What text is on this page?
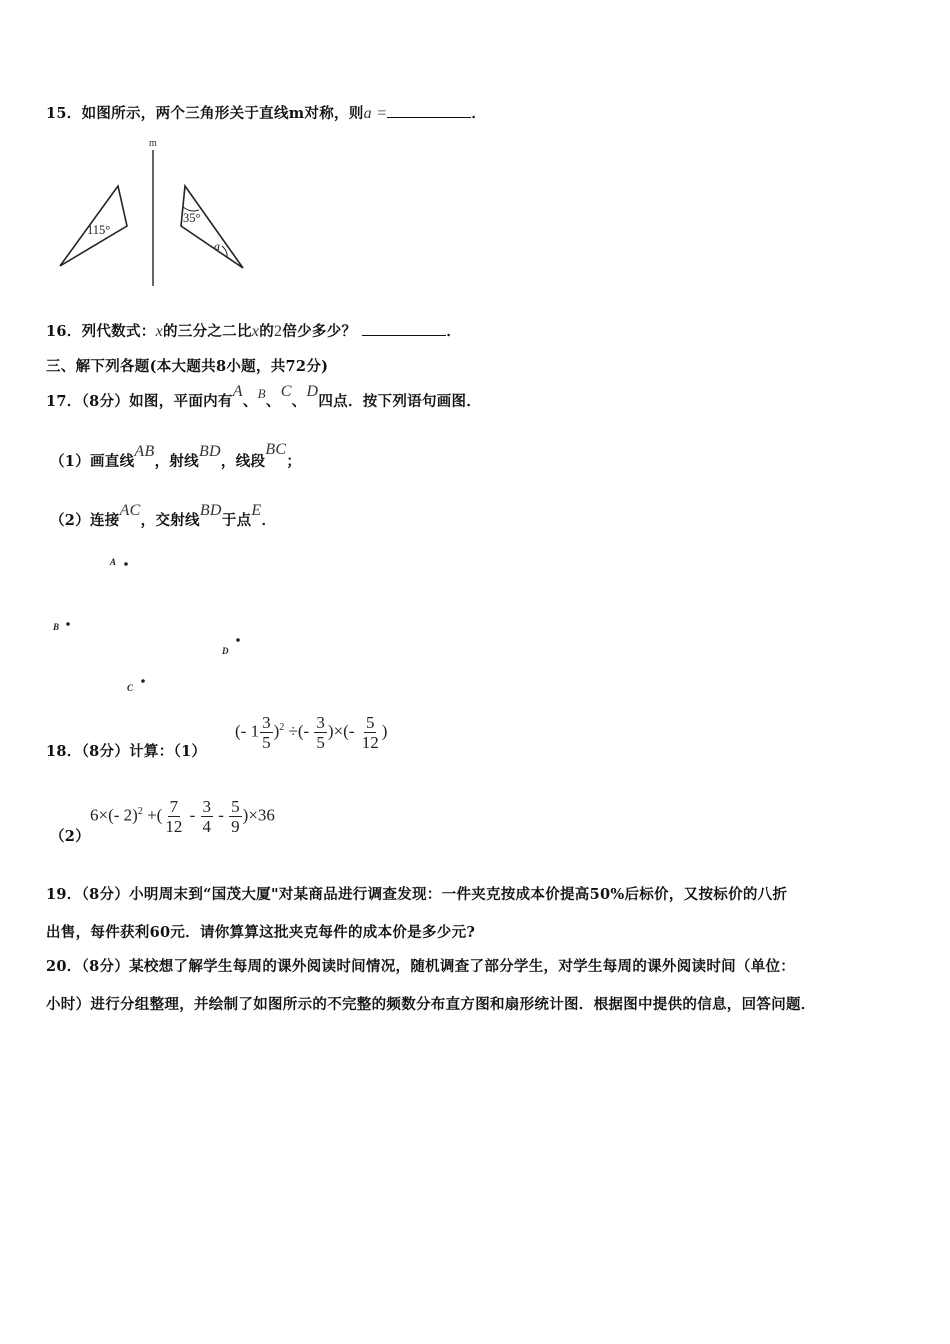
15．如图所示，两个三角形关于直线m对称，则a =	．
m
115°
35°
a
16．列代数式：x的三分之二比x的2倍少多少？	．
三、解下列各题(本大题共8小题，共72分)
17．（8分）如图，平面内有A、B、C、D四点．按下列语句画图．
（1）画直线AB，射线BD，线段BC；
（2）连接AC，交射线BD于点E．
A
B
D
C
18．（8分）计算：（1）
(- $1 \frac{3}{5} )^2$ ÷(- $\frac{3}{5}$ )×(- $\frac{5}{12}$ )
（2）
6×(- 2)$^2$ +( $\frac{7}{12} - \frac{3}{4} - \frac{5}{9} )\times 36$
19．（8分）小明周末到“国茂大厦"对某商品进行调查发现：一件夹克按成本价提高50%后标价，又按标价的八折
出售，每件获利60元．请你算算这批夹克每件的成本价是多少元?
20．（8分）某校想了解学生每周的课外阅读时间情况，随机调查了部分学生，对学生每周的课外阅读时间（单位：
小时）进行分组整理，并绘制了如图所示的不完整的频数分布直方图和扇形统计图．根据图中提供的信息，回答问题．
